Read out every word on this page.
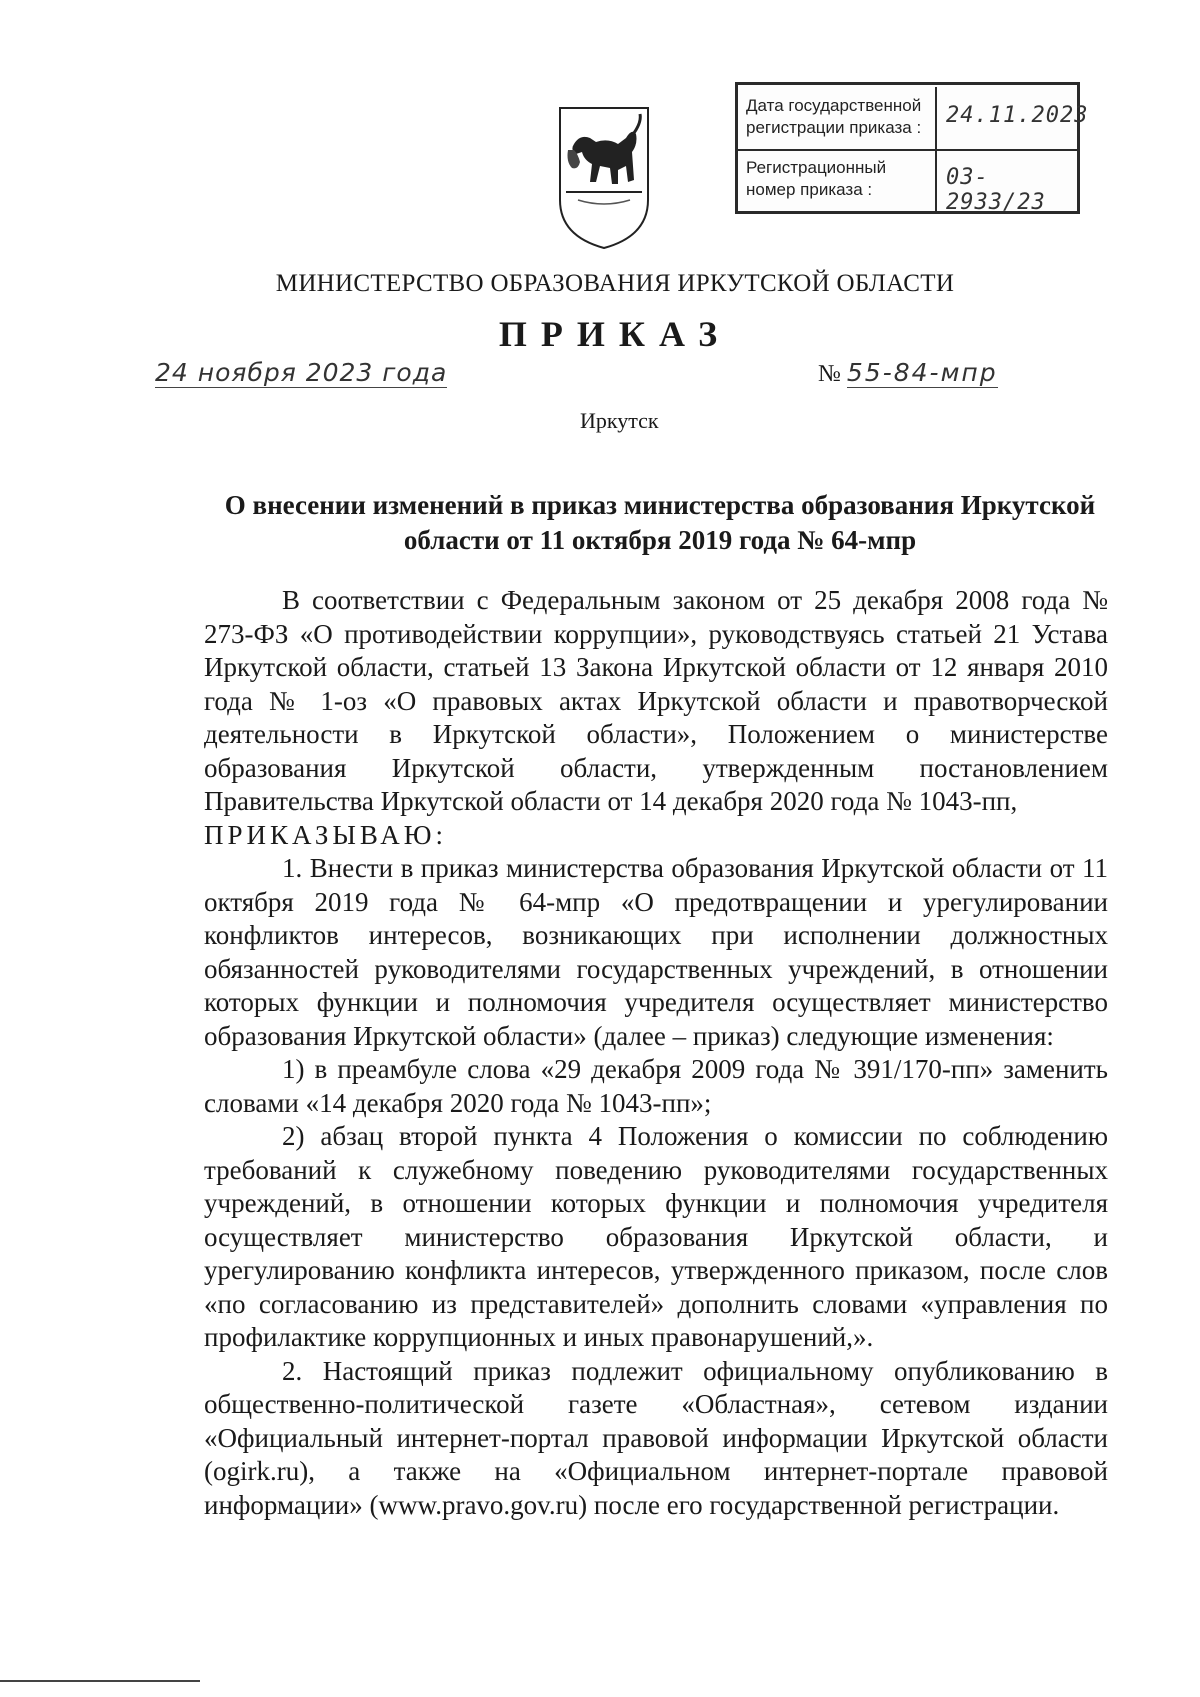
Дата государственной регистрации приказа :	24.11.2023
Регистрационный номер приказа :	03-2933/23
МИНИСТЕРСТВО ОБРАЗОВАНИЯ ИРКУТСКОЙ ОБЛАСТИ
ПРИКАЗ
24 ноября 2023 года	№ 55-84-мпр
Иркутск
О внесении изменений в приказ министерства образования Иркутской области от 11 октября 2019 года № 64-мпр

В соответствии с Федеральным законом от 25 декабря 2008 года № 273-ФЗ «О противодействии коррупции», руководствуясь статьей 21 Устава Иркутской области, статьей 13 Закона Иркутской области от 12 января 2010 года № 1-оз «О правовых актах Иркутской области и правотворческой деятельности в Иркутской области», Положением о министерстве образования Иркутской области, утвержденным постановлением Правительства Иркутской области от 14 декабря 2020 года № 1043-пп,

ПРИКАЗЫВАЮ:

1. Внести в приказ министерства образования Иркутской области от 11 октября 2019 года № 64-мпр «О предотвращении и урегулировании конфликтов интересов, возникающих при исполнении должностных обязанностей руководителями государственных учреждений, в отношении которых функции и полномочия учредителя осуществляет министерство образования Иркутской области» (далее – приказ) следующие изменения:

1) в преамбуле слова «29 декабря 2009 года № 391/170-пп» заменить словами «14 декабря 2020 года № 1043-пп»;

2) абзац второй пункта 4 Положения о комиссии по соблюдению требований к служебному поведению руководителями государственных учреждений, в отношении которых функции и полномочия учредителя осуществляет министерство образования Иркутской области, и урегулированию конфликта интересов, утвержденного приказом, после слов «по согласованию из представителей» дополнить словами «управления по профилактике коррупционных и иных правонарушений,».

2. Настоящий приказ подлежит официальному опубликованию в общественно-политической газете «Областная», сетевом издании «Официальный интернет-портал правовой информации Иркутской области (ogirk.ru), а также на «Официальном интернет-портале правовой информации» (www.pravo.gov.ru) после его государственной регистрации.
